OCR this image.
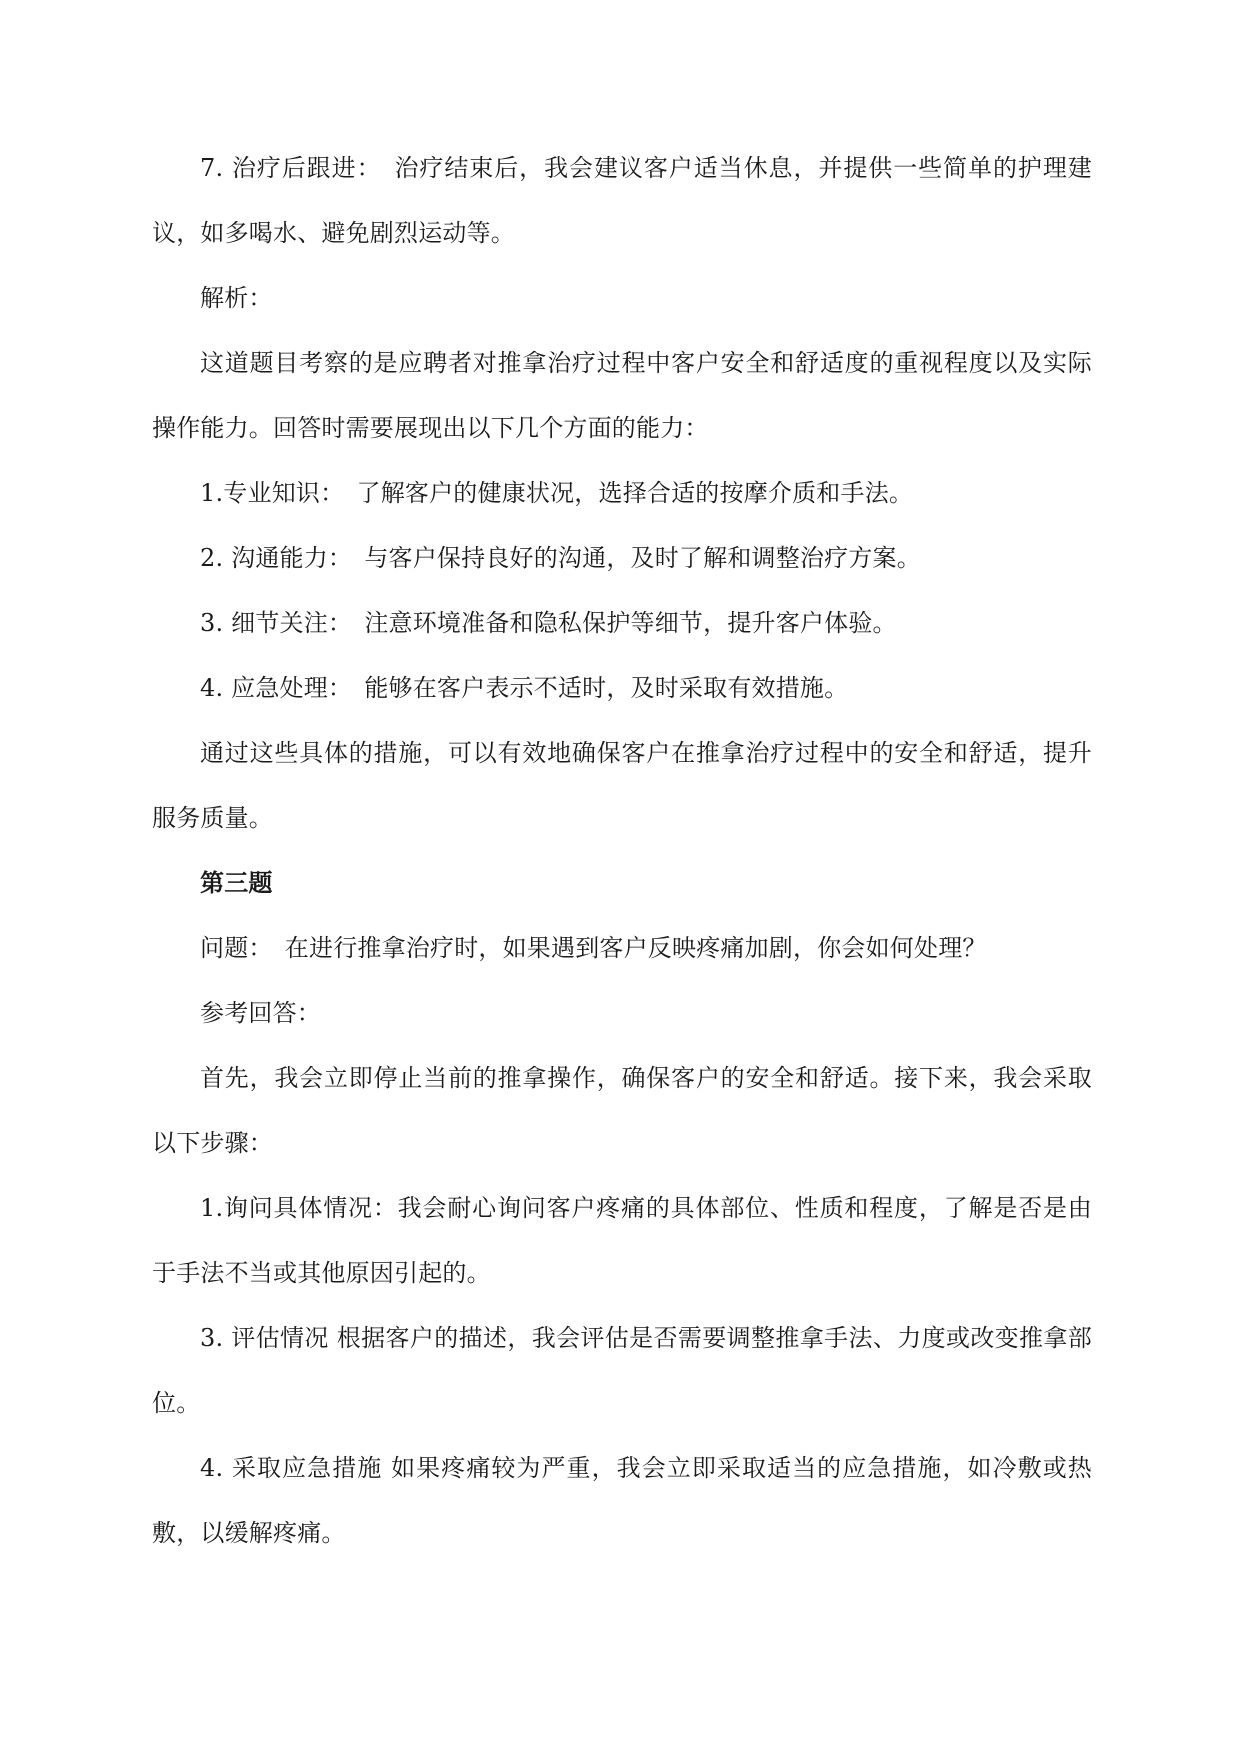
7. 治疗后跟进：　治疗结束后，我会建议客户适当休息，并提供一些简单的护理建议，如多喝水、避免剧烈运动等。

解析：

这道题目考察的是应聘者对推拿治疗过程中客户安全和舒适度的重视程度以及实际操作能力。回答时需要展现出以下几个方面的能力：

1.专业知识：　了解客户的健康状况，选择合适的按摩介质和手法。

2. 沟通能力：　与客户保持良好的沟通，及时了解和调整治疗方案。

3. 细节关注：　注意环境准备和隐私保护等细节，提升客户体验。

4. 应急处理：　能够在客户表示不适时，及时采取有效措施。

通过这些具体的措施，可以有效地确保客户在推拿治疗过程中的安全和舒适，提升服务质量。

第三题

问题：　在进行推拿治疗时，如果遇到客户反映疼痛加剧，你会如何处理？

参考回答：

首先，我会立即停止当前的推拿操作，确保客户的安全和舒适。接下来，我会采取以下步骤：

1.询问具体情况：我会耐心询问客户疼痛的具体部位、性质和程度，了解是否是由于手法不当或其他原因引起的。

3. 评估情况 根据客户的描述，我会评估是否需要调整推拿手法、力度或改变推拿部位。

4. 采取应急措施 如果疼痛较为严重，我会立即采取适当的应急措施，如冷敷或热敷，以缓解疼痛。
